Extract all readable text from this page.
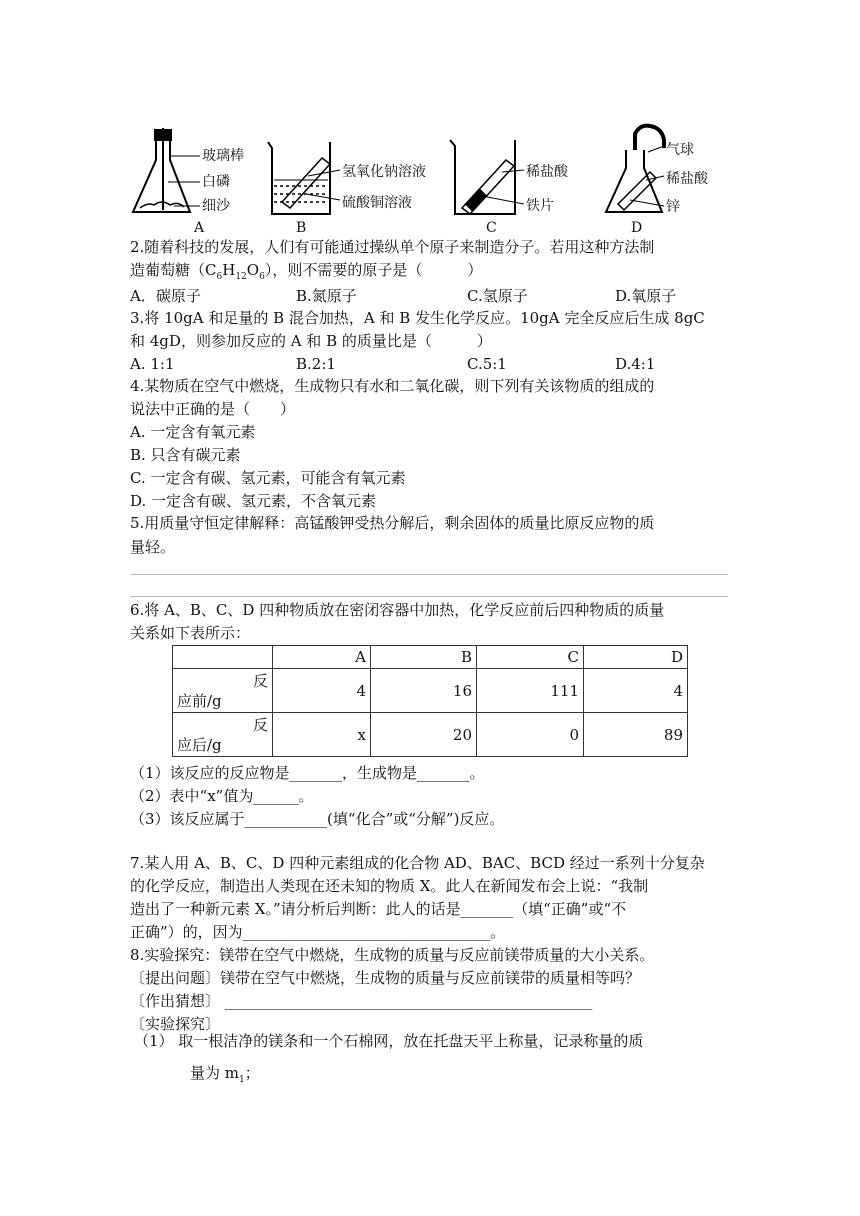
玻璃棒
白磷
细沙
氢氧化钠溶液
硫酸铜溶液
稀盐酸
铁片
气球
稀盐酸
锌
A	B	C	D
2.随着科技的发展，人们有可能通过操纵单个原子来制造分子。若用这种方法制
造葡萄糖$(C_6H_{12}O_6)$，则不需要的原子是（　　　）
A．碳原子	B.氮原子	C.氢原子	D.氧原子
3.将 10gA 和足量的 B 混合加热，A 和 B 发生化学反应。10gA 完全反应后生成 8gC
和 4gD，则参加反应的 A 和 B 的质量比是（　　　）
A. 1:1	B.2:1	C.5:1	D.4:1
4.某物质在空气中燃烧，生成物只有水和二氧化碳，则下列有关该物质的组成的
说法中正确的是（　　）
A. 一定含有氧元素
B. 只含有碳元素
C. 一定含有碳、氢元素，可能含有氧元素
D. 一定含有碳、氢元素，不含氧元素
5.用质量守恒定律解释：高锰酸钾受热分解后，剩余固体的质量比原反应物的质
量轻。
6.将 A、B、C、D 四种物质放在密闭容器中加热，化学反应前后四种物质的质量
关系如下表所示：
	A	B	C	D

反
应前/g	4	16	111	4

反
应后/g	x	20	0	89
（1）该反应的反应物是_______，生成物是_______。
（2）表中“x”值为______。
（3）该反应属于___________(填“化合”或“分解”)反应。
7.某人用 A、B、C、D 四种元素组成的化合物 AD、BAC、BCD 经过一系列十分复杂
的化学反应，制造出人类现在还未知的物质 X。此人在新闻发布会上说：“我制
造出了一种新元素 X。”请分析后判断：此人的话是_______（填“正确”或“不
正确”）的，因为_________________________________。
8.实验探究：镁带在空气中燃烧，生成物的质量与反应前镁带质量的大小关系。
〔提出问题〕镁带在空气中燃烧，生成物的质量与反应前镁带的质量相等吗？
〔作出猜想〕 _________________________________________________
〔实验探究〕
（1） 取一根洁净的镁条和一个石棉网，放在托盘天平上称量，记录称量的质
量为 $m_1$；
